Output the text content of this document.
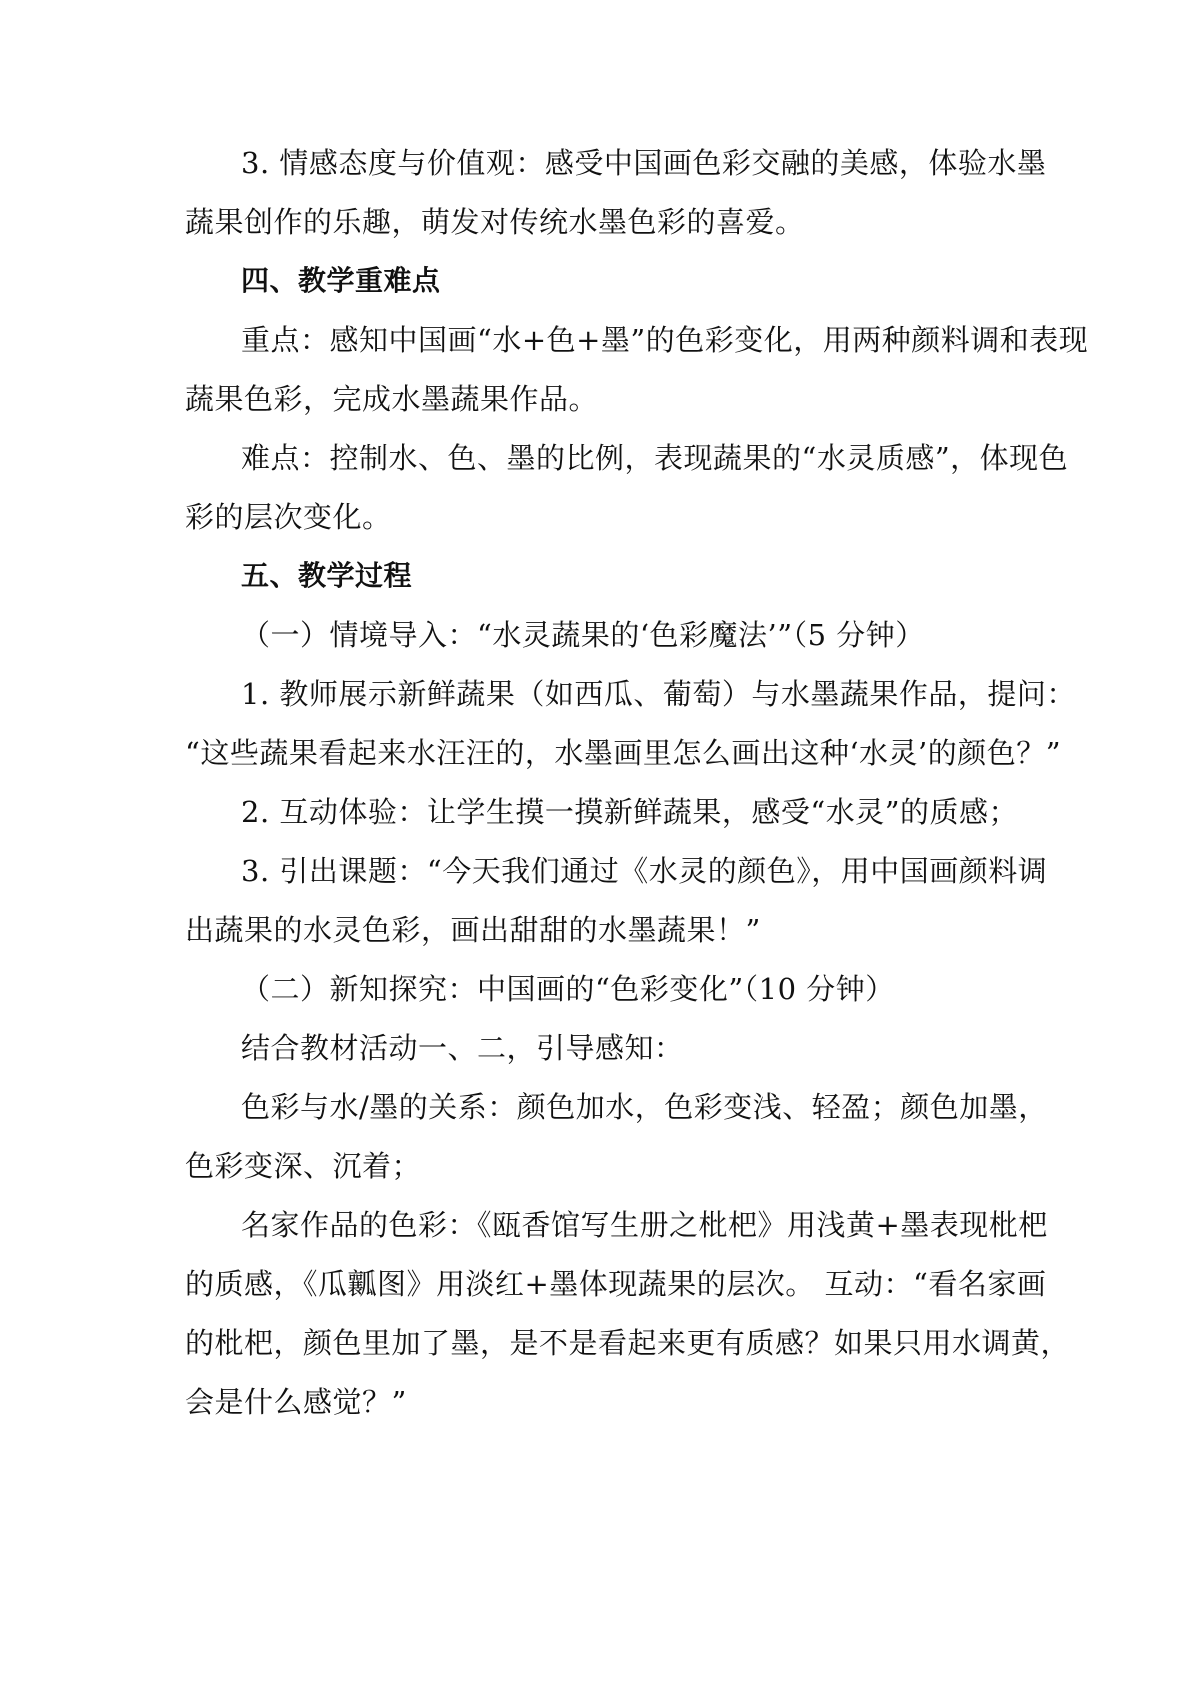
3. 情感态度与价值观：感受中国画色彩交融的美感，体验水墨
蔬果创作的乐趣，萌发对传统水墨色彩的喜爱。
四、教学重难点
重点：感知中国画“水+色+墨”的色彩变化，用两种颜料调和表现
蔬果色彩，完成水墨蔬果作品。
难点：控制水、色、墨的比例，表现蔬果的“水灵质感”，体现色
彩的层次变化。
五、教学过程
（一）情境导入：“水灵蔬果的‘色彩魔法’”（5 分钟）
1. 教师展示新鲜蔬果（如西瓜、葡萄）与水墨蔬果作品，提问：
“这些蔬果看起来水汪汪的，水墨画里怎么画出这种‘水灵’的颜色？”
2. 互动体验：让学生摸一摸新鲜蔬果，感受“水灵”的质感；
3. 引出课题：“今天我们通过《水灵的颜色》，用中国画颜料调
出蔬果的水灵色彩，画出甜甜的水墨蔬果！”
（二）新知探究：中国画的“色彩变化”（10 分钟）
结合教材活动一、二，引导感知：
色彩与水/墨的关系：颜色加水，色彩变浅、轻盈；颜色加墨，
色彩变深、沉着；
名家作品的色彩：《瓯香馆写生册之枇杷》用浅黄+墨表现枇杷
的质感，《瓜瓤图》用淡红+墨体现蔬果的层次。 互动：“看名家画
的枇杷，颜色里加了墨，是不是看起来更有质感？如果只用水调黄，
会是什么感觉？”
